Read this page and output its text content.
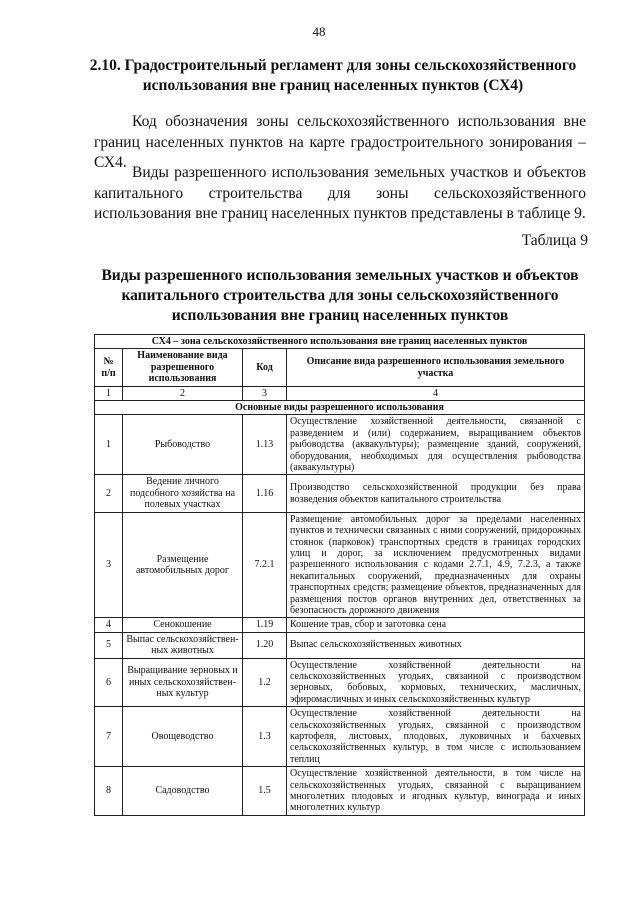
48
2.10. Градостроительный регламент для зоны сельскохозяйственного использования вне границ населенных пунктов (СХ4)
Код обозначения зоны сельскохозяйственного использования вне границ населенных пунктов на карте градостроительного зонирования – СХ4.
Виды разрешенного использования земельных участков и объектов капитального строительства для зоны сельскохозяйственного использования вне границ населенных пунктов представлены в таблице 9.
Таблица 9
Виды разрешенного использования земельных участков и объектов капитального строительства для зоны сельскохозяйственного использования вне границ населенных пунктов
СХ4 – зона сельскохозяйственного использования вне границ населенных пунктов			
№ п/п	Наименование вида разрешенного использования	Код	Описание вида разрешенного использования земельного участка
1	2	3	4
Основные виды разрешенного использования			
1	Рыбоводство	1.13	Осуществление хозяйственной деятельности, связанной с разведением и (или) содержанием, выращиванием объектов рыбоводства (аквакультуры); размещение зданий, сооружений, оборудования, необходимых для осуществления рыбоводства (аквакультуры)
2	Ведение личного подсобного хозяйства на полевых участках	1.16	Производство сельскохозяйственной продукции без права возведения объектов капитального строительства
3	Размещение автомобильных дорог	7.2.1	Размещение автомобильных дорог за пределами населенных пунктов и технически связанных с ними сооружений, придорожных стоянок (парковок) транспортных средств в границах городских улиц и дорог, за исключением предусмотренных видами разрешенного использования с кодами 2.7.1, 4.9, 7.2.3, а также некапитальных сооружений, предназначенных для охраны транспортных средств; размещение объектов, предназначенных для размещения постов органов внутренних дел, ответственных за безопасность дорожного движения
4	Сенокошение	1.19	Кошение трав, сбор и заготовка сена
5	Выпас сельскохозяйствен-ных животных	1.20	Выпас сельскохозяйственных животных
6	Выращивание зерновых и иных сельскохозяйствен-ных культур	1.2	Осуществление хозяйственной деятельности на сельскохозяйственных угодьях, связанной с производством зерновых, бобовых, кормовых, технических, масличных, эфиромасличных и иных сельскохозяйственных культур
7	Овощеводство	1.3	Осуществление хозяйственной деятельности на сельскохозяйственных угодьях, связанной с производством картофеля, листовых, плодовых, луковичных и бахчевых сельскохозяйственных культур, в том числе с использованием теплиц
8	Садоводство	1.5	Осуществление хозяйственной деятельности, в том числе на сельскохозяйственных угодьях, связанной с выращиванием многолетних плодовых и ягодных культур, винограда и иных многолетних культур
